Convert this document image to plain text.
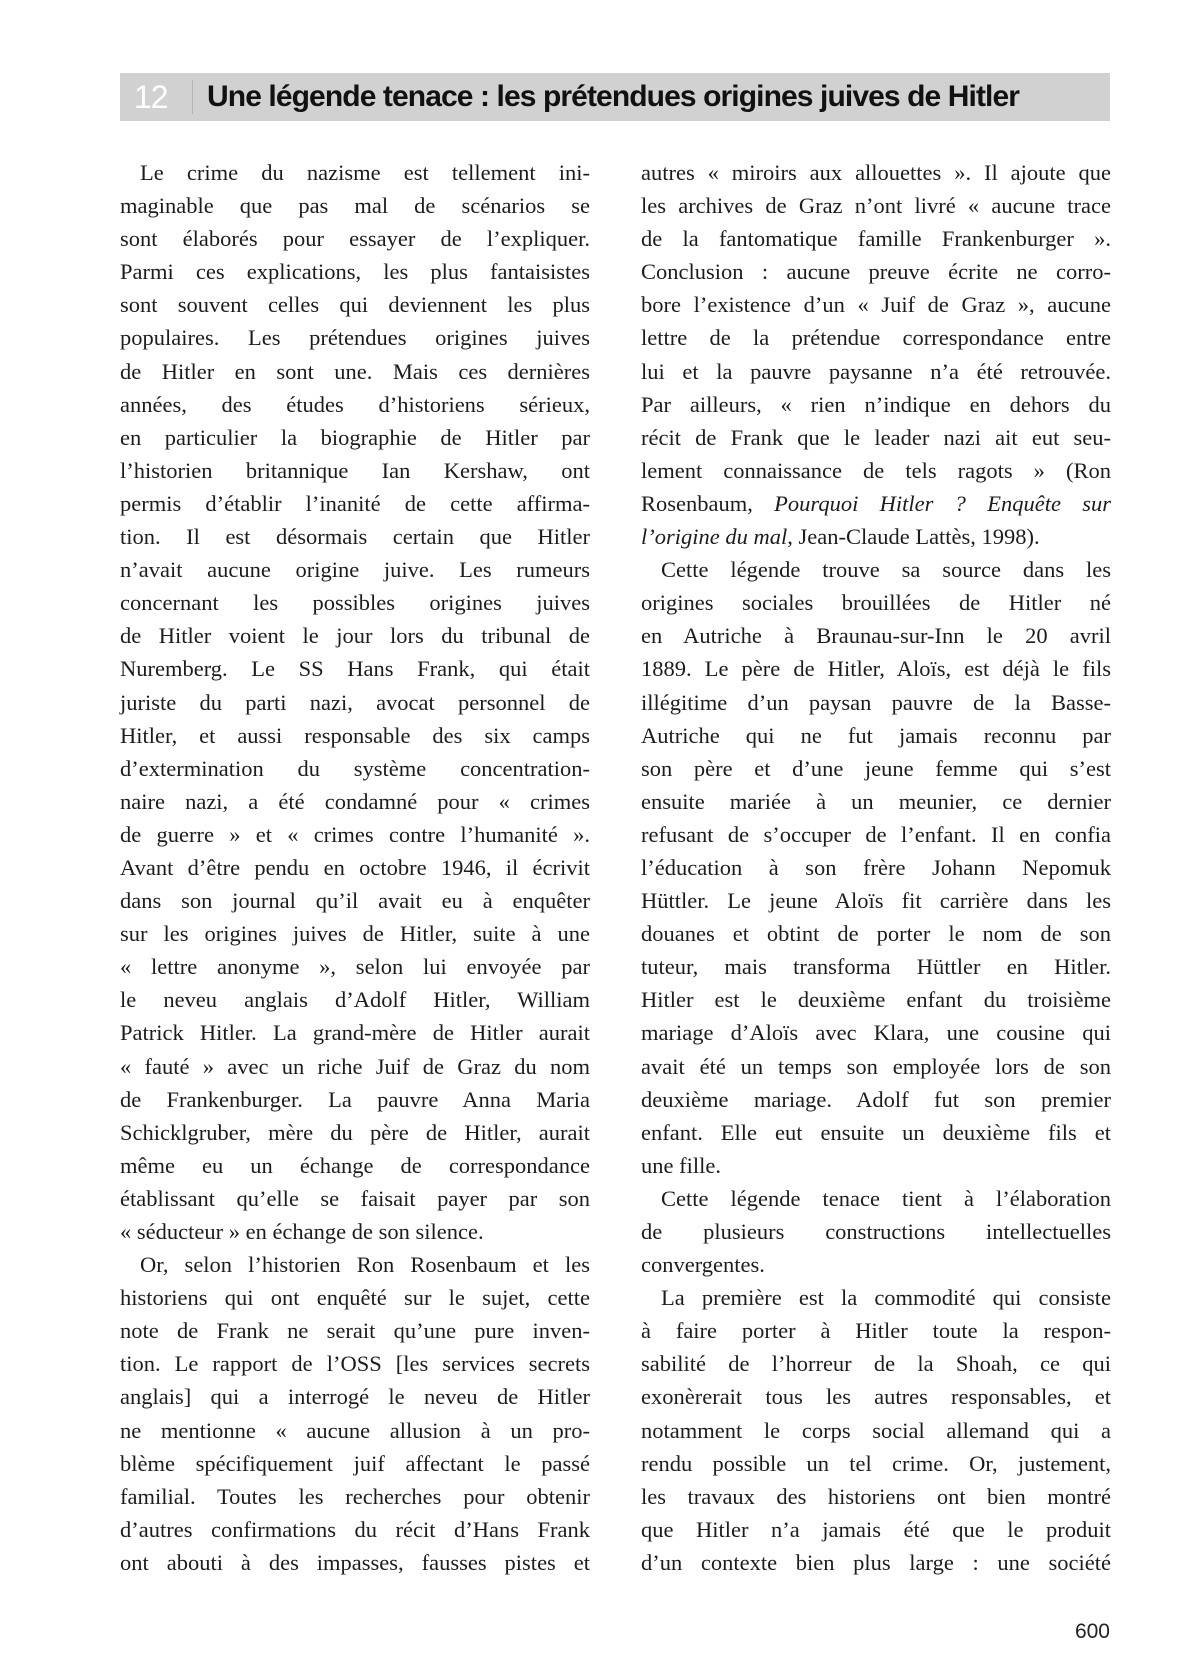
12	Une légende tenace : les prétendues origines juives de Hitler
Le crime du nazisme est tellement ini-
maginable que pas mal de scénarios se
sont élaborés pour essayer de l’expliquer.
Parmi ces explications, les plus fantaisistes
sont souvent celles qui deviennent les plus
populaires. Les prétendues origines juives
de Hitler en sont une. Mais ces dernières
années, des études d’historiens sérieux,
en particulier la biographie de Hitler par
l’historien britannique Ian Kershaw, ont
permis d’établir l’inanité de cette affirma-
tion. Il est désormais certain que Hitler
n’avait aucune origine juive. Les rumeurs
concernant les possibles origines juives
de Hitler voient le jour lors du tribunal de
Nuremberg. Le SS Hans Frank, qui était
juriste du parti nazi, avocat personnel de
Hitler, et aussi responsable des six camps
d’extermination du système concentration-
naire nazi, a été condamné pour « crimes
de guerre » et « crimes contre l’humanité ».
Avant d’être pendu en octobre 1946, il écrivit
dans son journal qu’il avait eu à enquêter
sur les origines juives de Hitler, suite à une
« lettre anonyme », selon lui envoyée par
le neveu anglais d’Adolf Hitler, William
Patrick Hitler. La grand-mère de Hitler aurait
« fauté » avec un riche Juif de Graz du nom
de Frankenburger. La pauvre Anna Maria
Schicklgruber, mère du père de Hitler, aurait
même eu un échange de correspondance
établissant qu’elle se faisait payer par son
« séducteur » en échange de son silence.
Or, selon l’historien Ron Rosenbaum et les
historiens qui ont enquêté sur le sujet, cette
note de Frank ne serait qu’une pure inven-
tion. Le rapport de l’OSS [les services secrets
anglais] qui a interrogé le neveu de Hitler
ne mentionne « aucune allusion à un pro-
blème spécifiquement juif affectant le passé
familial. Toutes les recherches pour obtenir
d’autres confirmations du récit d’Hans Frank
ont abouti à des impasses, fausses pistes et
autres « miroirs aux allouettes ». Il ajoute que
les archives de Graz n’ont livré « aucune trace
de la fantomatique famille Frankenburger ».
Conclusion : aucune preuve écrite ne corro-
bore l’existence d’un « Juif de Graz », aucune
lettre de la prétendue correspondance entre
lui et la pauvre paysanne n’a été retrouvée.
Par ailleurs, « rien n’indique en dehors du
récit de Frank que le leader nazi ait eut seu-
lement connaissance de tels ragots » (Ron
Rosenbaum, Pourquoi Hitler ? Enquête sur
l’origine du mal, Jean-Claude Lattès, 1998).
Cette légende trouve sa source dans les
origines sociales brouillées de Hitler né
en Autriche à Braunau-sur-Inn le 20 avril
1889. Le père de Hitler, Aloïs, est déjà le fils
illégitime d’un paysan pauvre de la Basse-
Autriche qui ne fut jamais reconnu par
son père et d’une jeune femme qui s’est
ensuite mariée à un meunier, ce dernier
refusant de s’occuper de l’enfant. Il en confia
l’éducation à son frère Johann Nepomuk
Hüttler. Le jeune Aloïs fit carrière dans les
douanes et obtint de porter le nom de son
tuteur, mais transforma Hüttler en Hitler.
Hitler est le deuxième enfant du troisième
mariage d’Aloïs avec Klara, une cousine qui
avait été un temps son employée lors de son
deuxième mariage. Adolf fut son premier
enfant. Elle eut ensuite un deuxième fils et
une fille.
Cette légende tenace tient à l’élaboration
de plusieurs constructions intellectuelles
convergentes.
La première est la commodité qui consiste
à faire porter à Hitler toute la respon-
sabilité de l’horreur de la Shoah, ce qui
exonèrerait tous les autres responsables, et
notamment le corps social allemand qui a
rendu possible un tel crime. Or, justement,
les travaux des historiens ont bien montré
que Hitler n’a jamais été que le produit
d’un contexte bien plus large : une société
600
